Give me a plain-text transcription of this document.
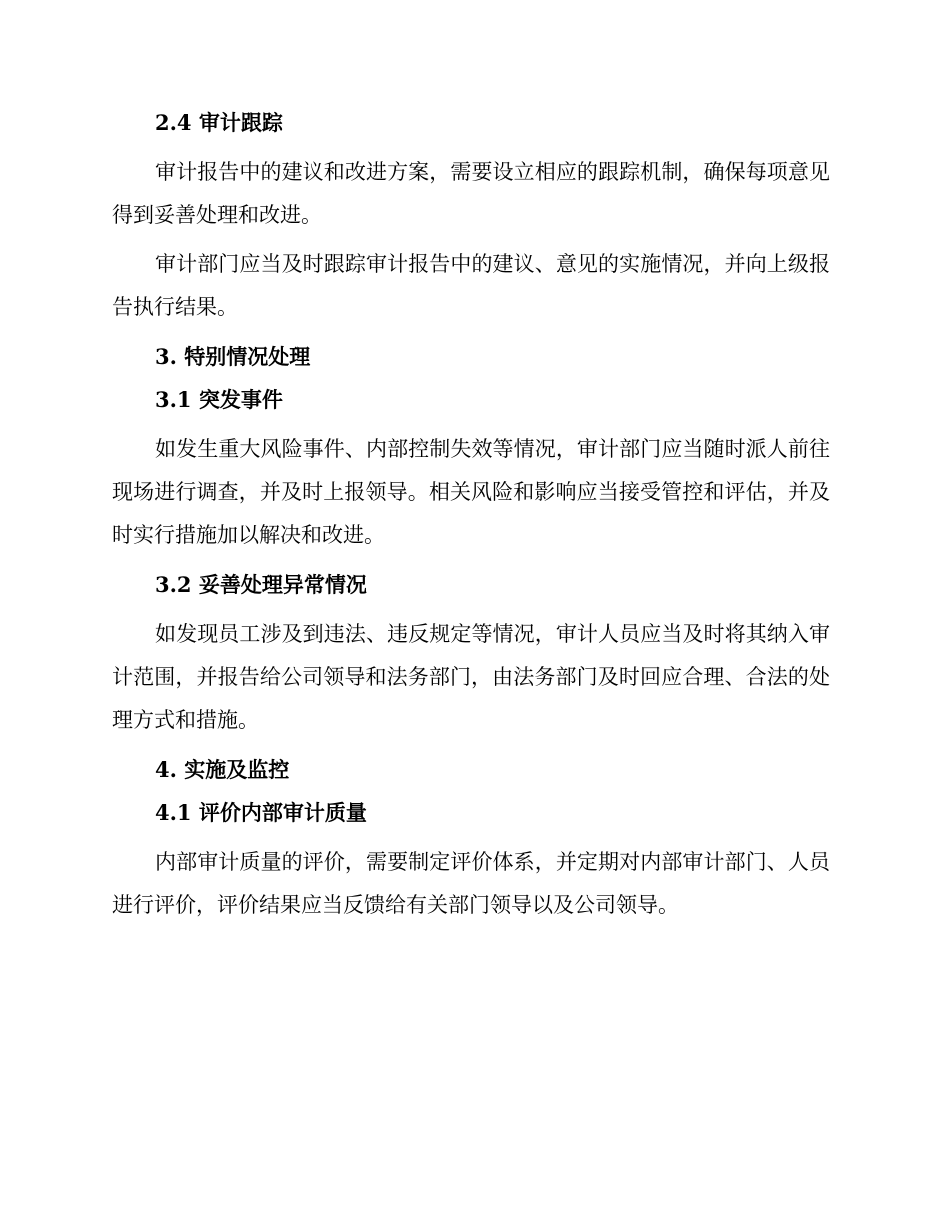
2.4 审计跟踪

审计报告中的建议和改进方案，需要设立相应的跟踪机制，确保每项意见得到妥善处理和改进。

审计部门应当及时跟踪审计报告中的建议、意见的实施情况，并向上级报告执行结果。

3. 特别情况处理
3.1 突发事件

如发生重大风险事件、内部控制失效等情况，审计部门应当随时派人前往现场进行调查，并及时上报领导。相关风险和影响应当接受管控和评估，并及时实行措施加以解决和改进。

3.2 妥善处理异常情况

如发现员工涉及到违法、违反规定等情况，审计人员应当及时将其纳入审计范围，并报告给公司领导和法务部门，由法务部门及时回应合理、合法的处理方式和措施。

4. 实施及监控
4.1 评价内部审计质量

内部审计质量的评价，需要制定评价体系，并定期对内部审计部门、人员进行评价，评价结果应当反馈给有关部门领导以及公司领导。
